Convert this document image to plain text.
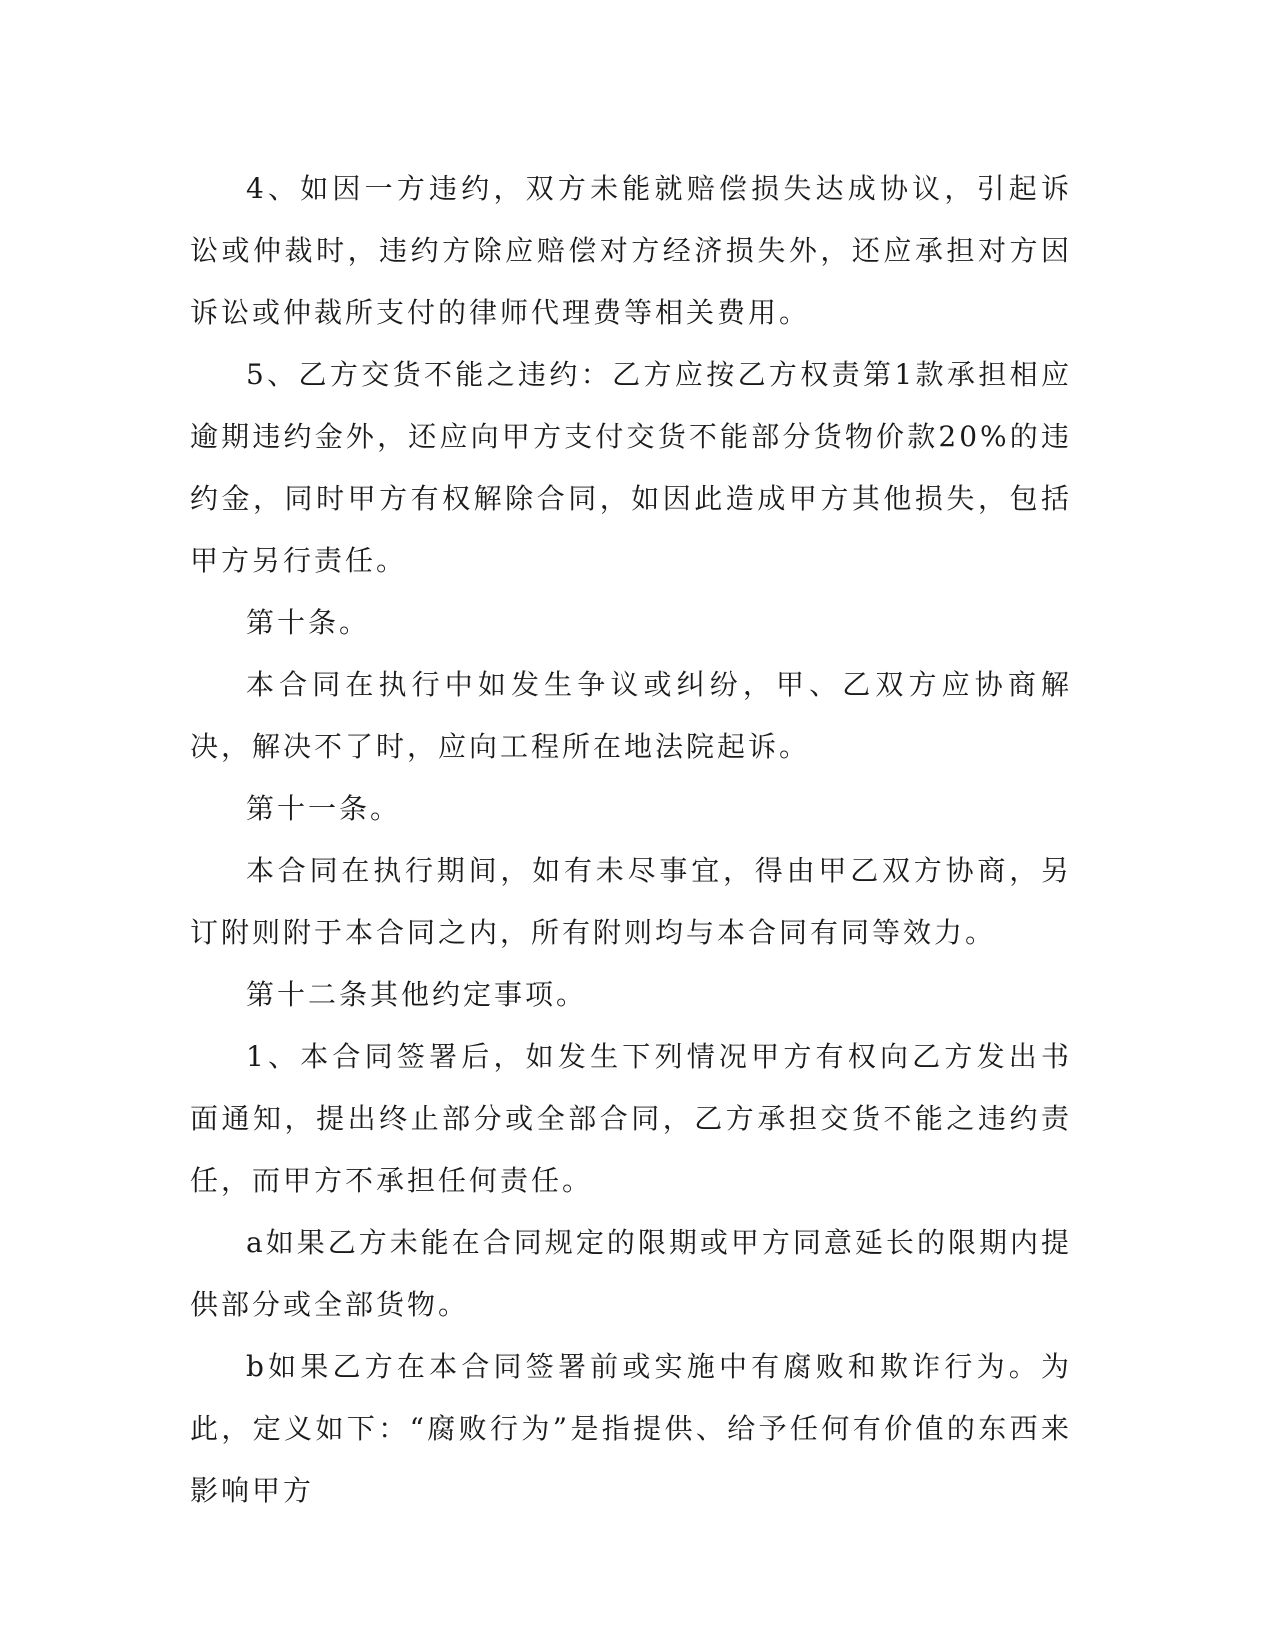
4、如因一方违约，双方未能就赔偿损失达成协议，引起诉讼或仲裁时，违约方除应赔偿对方经济损失外，还应承担对方因诉讼或仲裁所支付的律师代理费等相关费用。

5、乙方交货不能之违约：乙方应按乙方权责第1款承担相应逾期违约金外，还应向甲方支付交货不能部分货物价款20%的违约金，同时甲方有权解除合同，如因此造成甲方其他损失，包括甲方另行责任。

第十条。

本合同在执行中如发生争议或纠纷，甲、乙双方应协商解决，解决不了时，应向工程所在地法院起诉。

第十一条。

本合同在执行期间，如有未尽事宜，得由甲乙双方协商，另订附则附于本合同之内，所有附则均与本合同有同等效力。

第十二条其他约定事项。

1、本合同签署后，如发生下列情况甲方有权向乙方发出书面通知，提出终止部分或全部合同，乙方承担交货不能之违约责任，而甲方不承担任何责任。

a如果乙方未能在合同规定的限期或甲方同意延长的限期内提供部分或全部货物。

b如果乙方在本合同签署前或实施中有腐败和欺诈行为。为此，定义如下：“腐败行为”是指提供、给予任何有价值的东西来影响甲方
